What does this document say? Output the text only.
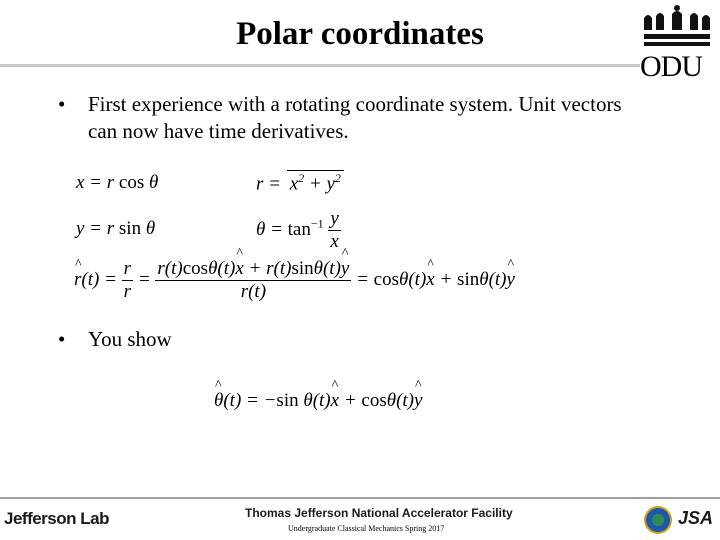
Polar coordinates
ODU
• First experience with a rotating coordinate system. Unit vectors can now have time derivatives.
x = r cos θ	$r = x^2 + y^2$
y = r sin θ	$\theta = \tan^{-1} \frac{y}{x}$
^ $r(t) = \frac{r}{r} = \frac{r(t)\cos\theta(t)\^{} x + r(t)\sin\theta(t)\^{} y}{r(t)}$ = cosθ(t)^ x + sinθ(t)^ y
• You show
^ θ(t) = −sin θ(t)^ x + cosθ(t)^ y
Jefferson Lab	Thomas Jefferson National Accelerator Facility
Undergraduate Classical Mechanics Spring 2017
JSA
